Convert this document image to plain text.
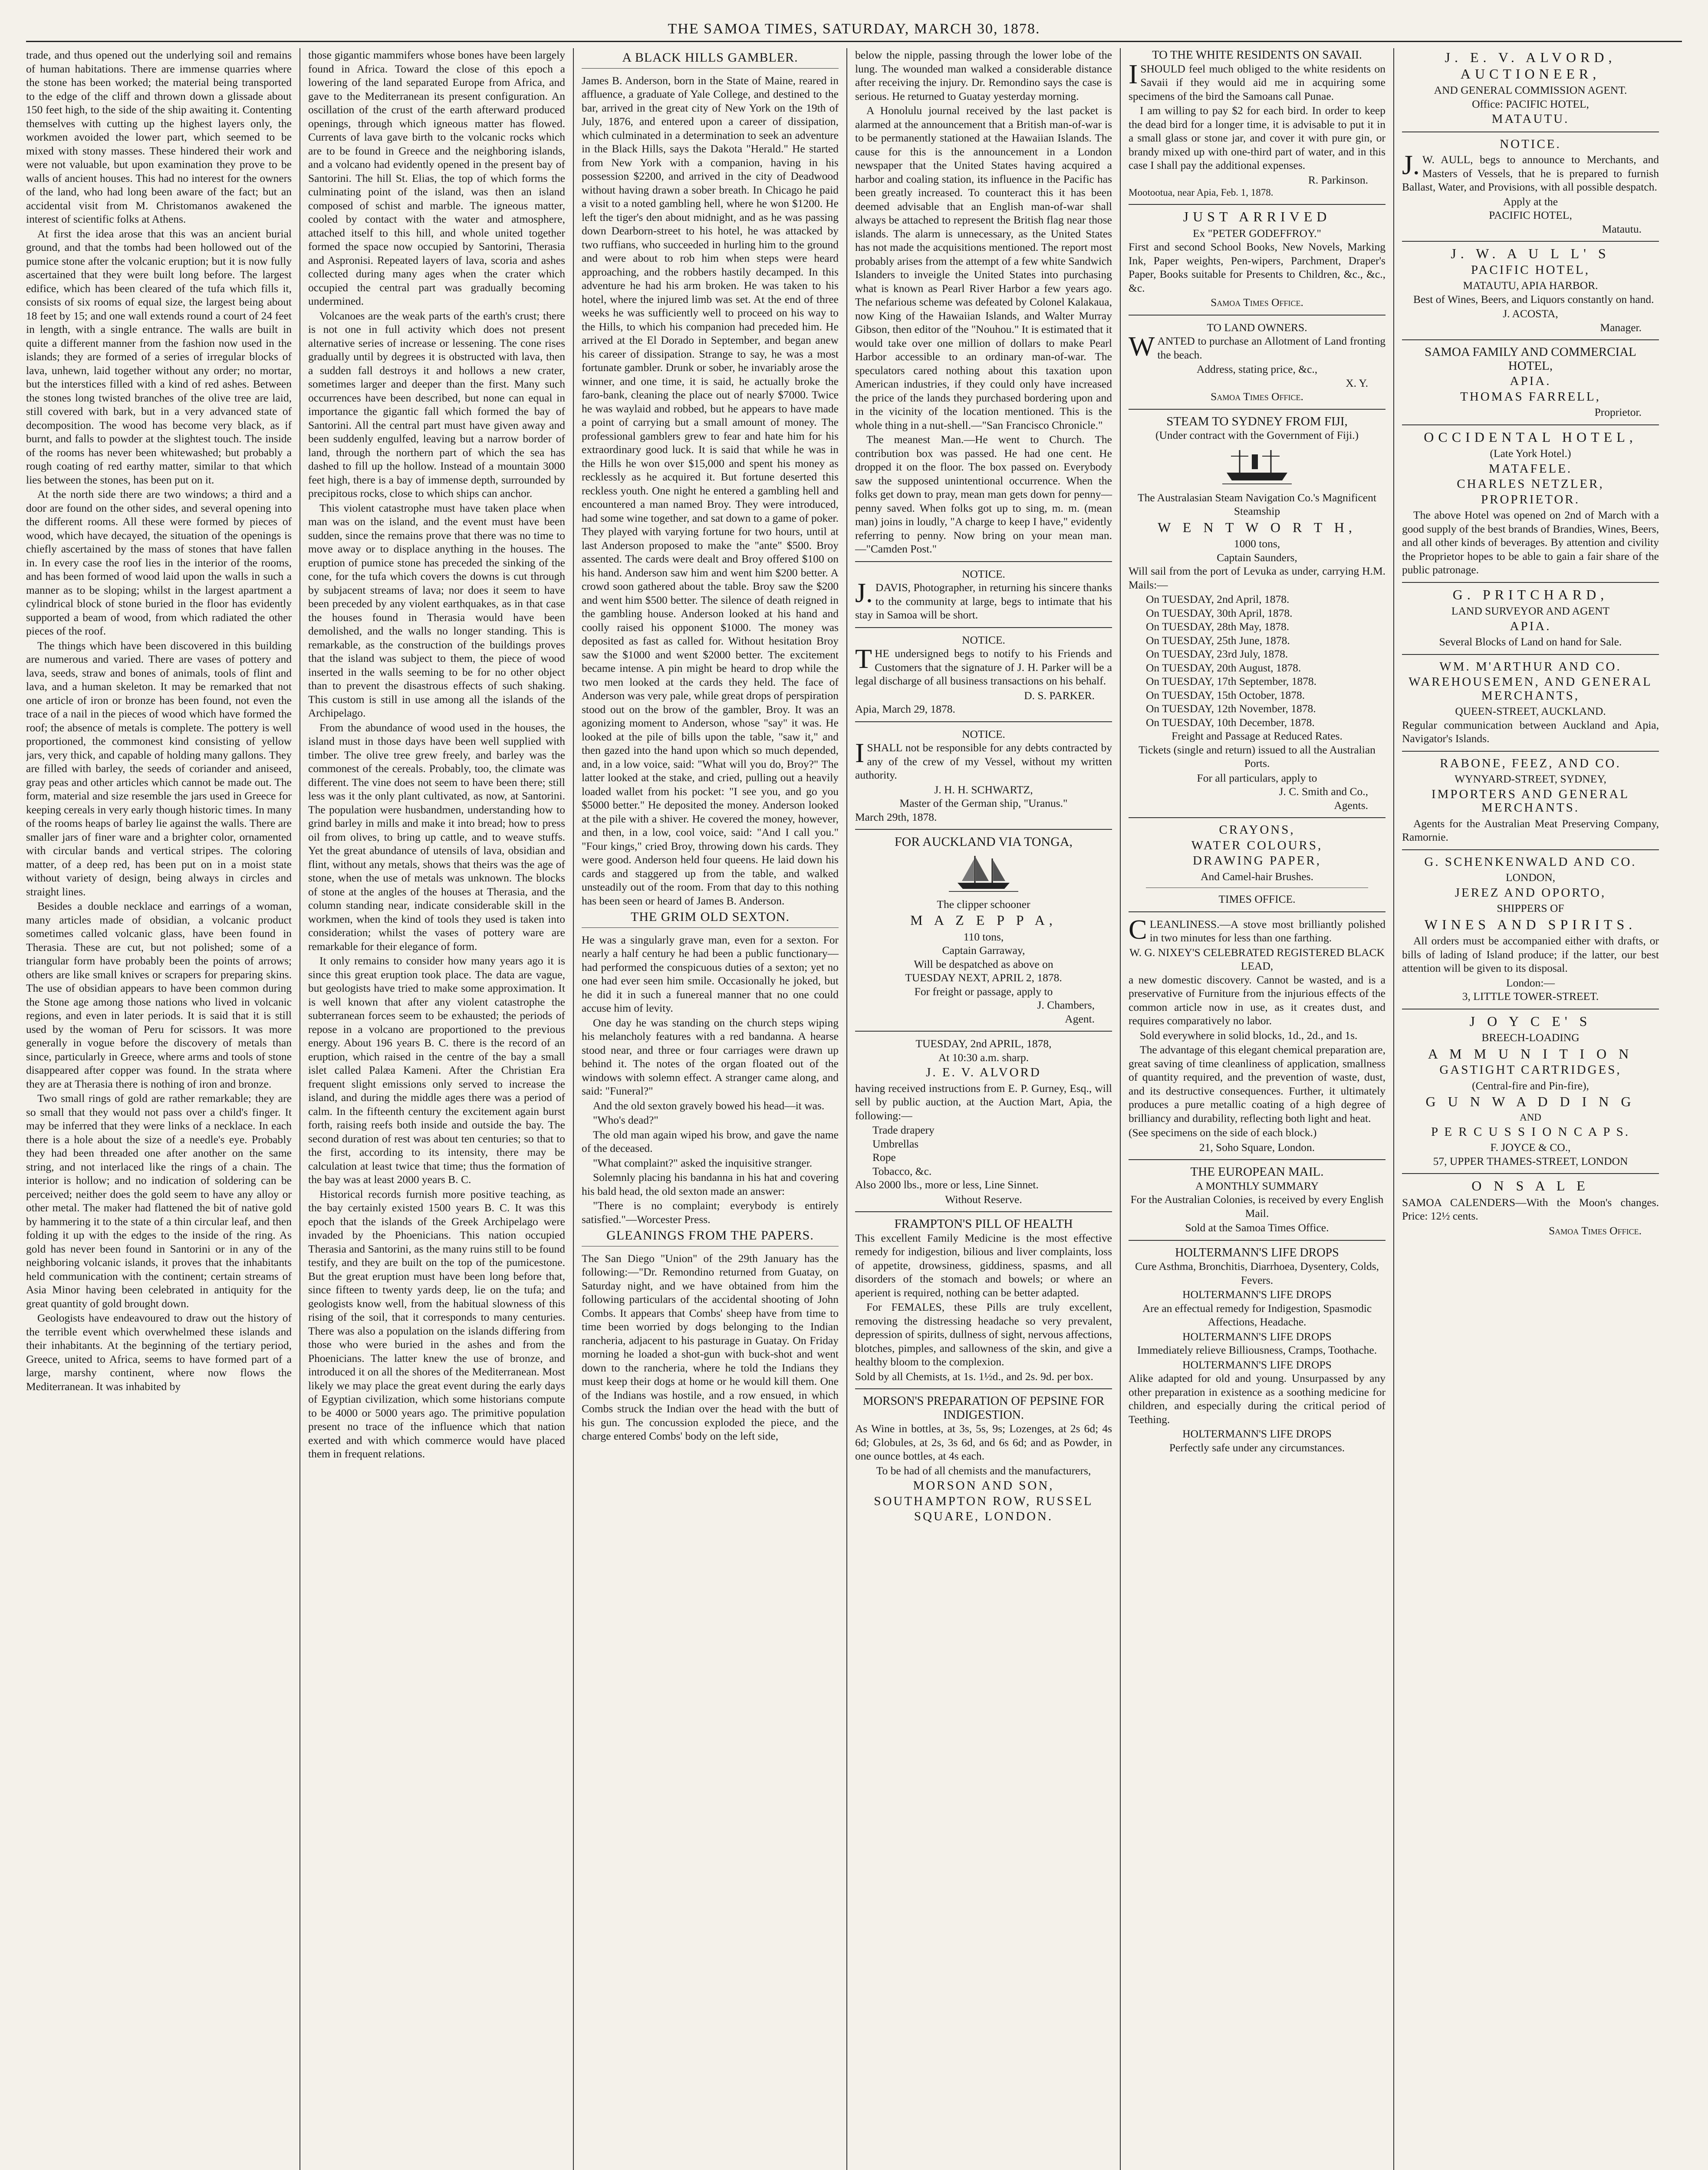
THE SAMOA TIMES, SATURDAY, MARCH 30, 1878.

trade, and thus opened out the underlying soil and remains of human habitations. There are immense quarries where the stone has been worked; the material being transported to the edge of the cliff and thrown down a glissade about 150 feet high, to the side of the ship awaiting it. Contenting themselves with cutting up the highest layers only, the workmen avoided the lower part, which seemed to be mixed with stony masses. These hindered their work and were not valuable, but upon examination they prove to be walls of ancient houses. This had no interest for the owners of the land, who had long been aware of the fact; but an accidental visit from M. Christomanos awakened the interest of scientific folks at Athens.

At first the idea arose that this was an ancient burial ground, and that the tombs had been hollowed out of the pumice stone after the volcanic eruption; but it is now fully ascertained that they were built long before. The largest edifice, which has been cleared of the tufa which fills it, consists of six rooms of equal size, the largest being about 18 feet by 15; and one wall extends round a court of 24 feet in length, with a single entrance. The walls are built in quite a different manner from the fashion now used in the islands; they are formed of a series of irregular blocks of lava, unhewn, laid together without any order; no mortar, but the interstices filled with a kind of red ashes. Between the stones long twisted branches of the olive tree are laid, still covered with bark, but in a very advanced state of decomposition. The wood has become very black, as if burnt, and falls to powder at the slightest touch. The inside of the rooms has never been whitewashed; but probably a rough coating of red earthy matter, similar to that which lies between the stones, has been put on it.

At the north side there are two windows; a third and a door are found on the other sides, and several opening into the different rooms. All these were formed by pieces of wood, which have decayed, the situation of the openings is chiefly ascertained by the mass of stones that have fallen in. In every case the roof lies in the interior of the rooms, and has been formed of wood laid upon the walls in such a manner as to be sloping; whilst in the largest apartment a cylindrical block of stone buried in the floor has evidently supported a beam of wood, from which radiated the other pieces of the roof.

The things which have been discovered in this building are numerous and varied. There are vases of pottery and lava, seeds, straw and bones of animals, tools of flint and lava, and a human skeleton. It may be remarked that not one article of iron or bronze has been found, not even the trace of a nail in the pieces of wood which have formed the roof; the absence of metals is complete. The pottery is well proportioned, the commonest kind consisting of yellow jars, very thick, and capable of holding many gallons. They are filled with barley, the seeds of coriander and aniseed, gray peas and other articles which cannot be made out. The form, material and size resemble the jars used in Greece for keeping cereals in very early though historic times. In many of the rooms heaps of barley lie against the walls. There are smaller jars of finer ware and a brighter color, ornamented with circular bands and vertical stripes. The coloring matter, of a deep red, has been put on in a moist state without variety of design, being always in circles and straight lines.

Besides a double necklace and earrings of a woman, many articles made of obsidian, a volcanic product sometimes called volcanic glass, have been found in Therasia. These are cut, but not polished; some of a triangular form have probably been the points of arrows; others are like small knives or scrapers for preparing skins. The use of obsidian appears to have been common during the Stone age among those nations who lived in volcanic regions, and even in later periods. It is said that it is still used by the woman of Peru for scissors. It was more generally in vogue before the discovery of metals than since, particularly in Greece, where arms and tools of stone disappeared after copper was found. In the strata where they are at Therasia there is nothing of iron and bronze.

Two small rings of gold are rather remarkable; they are so small that they would not pass over a child's finger. It may be inferred that they were links of a necklace. In each there is a hole about the size of a needle's eye. Probably they had been threaded one after another on the same string, and not interlaced like the rings of a chain. The interior is hollow; and no indication of soldering can be perceived; neither does the gold seem to have any alloy or other metal. The maker had flattened the bit of native gold by hammering it to the state of a thin circular leaf, and then folding it up with the edges to the inside of the ring. As gold has never been found in Santorini or in any of the neighboring volcanic islands, it proves that the inhabitants held communication with the continent; certain streams of Asia Minor having been celebrated in antiquity for the great quantity of gold brought down.

Geologists have endeavoured to draw out the history of the terrible event which overwhelmed these islands and their inhabitants. At the beginning of the tertiary period, Greece, united to Africa, seems to have formed part of a large, marshy continent, where now flows the Mediterranean. It was inhabited by

those gigantic mammifers whose bones have been largely found in Africa. Toward the close of this epoch a lowering of the land separated Europe from Africa, and gave to the Mediterranean its present configuration. An oscillation of the crust of the earth afterward produced openings, through which igneous matter has flowed. Currents of lava gave birth to the volcanic rocks which are to be found in Greece and the neighboring islands, and a volcano had evidently opened in the present bay of Santorini. The hill St. Elias, the top of which forms the culminating point of the island, was then an island composed of schist and marble. The igneous matter, cooled by contact with the water and atmosphere, attached itself to this hill, and whole united together formed the space now occupied by Santorini, Therasia and Aspronisi. Repeated layers of lava, scoria and ashes collected during many ages when the crater which occupied the central part was gradually becoming undermined.

Volcanoes are the weak parts of the earth's crust; there is not one in full activity which does not present alternative series of increase or lessening. The cone rises gradually until by degrees it is obstructed with lava, then a sudden fall destroys it and hollows a new crater, sometimes larger and deeper than the first. Many such occurrences have been described, but none can equal in importance the gigantic fall which formed the bay of Santorini. All the central part must have given away and been suddenly engulfed, leaving but a narrow border of land, through the northern part of which the sea has dashed to fill up the hollow. Instead of a mountain 3000 feet high, there is a bay of immense depth, surrounded by precipitous rocks, close to which ships can anchor.

This violent catastrophe must have taken place when man was on the island, and the event must have been sudden, since the remains prove that there was no time to move away or to displace anything in the houses. The eruption of pumice stone has preceded the sinking of the cone, for the tufa which covers the downs is cut through by subjacent streams of lava; nor does it seem to have been preceded by any violent earthquakes, as in that case the houses found in Therasia would have been demolished, and the walls no longer standing. This is remarkable, as the construction of the buildings proves that the island was subject to them, the piece of wood inserted in the walls seeming to be for no other object than to prevent the disastrous effects of such shaking. This custom is still in use among all the islands of the Archipelago.

From the abundance of wood used in the houses, the island must in those days have been well supplied with timber. The olive tree grew freely, and barley was the commonest of the cereals. Probably, too, the climate was different. The vine does not seem to have been there; still less was it the only plant cultivated, as now, at Santorini. The population were husbandmen, understanding how to grind barley in mills and make it into bread; how to press oil from olives, to bring up cattle, and to weave stuffs. Yet the great abundance of utensils of lava, obsidian and flint, without any metals, shows that theirs was the age of stone, when the use of metals was unknown. The blocks of stone at the angles of the houses at Therasia, and the column standing near, indicate considerable skill in the workmen, when the kind of tools they used is taken into consideration; whilst the vases of pottery ware are remarkable for their elegance of form.

It only remains to consider how many years ago it is since this great eruption took place. The data are vague, but geologists have tried to make some approximation. It is well known that after any violent catastrophe the subterranean forces seem to be exhausted; the periods of repose in a volcano are proportioned to the previous energy. About 196 years B. C. there is the record of an eruption, which raised in the centre of the bay a small islet called Palæa Kameni. After the Christian Era frequent slight emissions only served to increase the island, and during the middle ages there was a period of calm. In the fifteenth century the excitement again burst forth, raising reefs both inside and outside the bay. The second duration of rest was about ten centuries; so that to the first, according to its intensity, there may be calculation at least twice that time; thus the formation of the bay was at least 2000 years B. C.

Historical records furnish more positive teaching, as the bay certainly existed 1500 years B. C. It was this epoch that the islands of the Greek Archipelago were invaded by the Phoenicians. This nation occupied Therasia and Santorini, as the many ruins still to be found testify, and they are built on the top of the pumicestone. But the great eruption must have been long before that, since fifteen to twenty yards deep, lie on the tufa; and geologists know well, from the habitual slowness of this rising of the soil, that it corresponds to many centuries. There was also a population on the islands differing from those who were buried in the ashes and from the Phoenicians. The latter knew the use of bronze, and introduced it on all the shores of the Mediterranean. Most likely we may place the great event during the early days of Egyptian civilization, which some historians compute to be 4000 or 5000 years ago. The primitive population present no trace of the influence which that nation exerted and with which commerce would have placed them in frequent relations.

A BLACK HILLS GAMBLER.

James B. Anderson, born in the State of Maine, reared in affluence, a graduate of Yale College, and destined to the bar, arrived in the great city of New York on the 19th of July, 1876, and entered upon a career of dissipation, which culminated in a determination to seek an adventure in the Black Hills, says the Dakota "Herald." He started from New York with a companion, having in his possession $2200, and arrived in the city of Deadwood without having drawn a sober breath. In Chicago he paid a visit to a noted gambling hell, where he won $1200. He left the tiger's den about midnight, and as he was passing down Dearborn-street to his hotel, he was attacked by two ruffians, who succeeded in hurling him to the ground and were about to rob him when steps were heard approaching, and the robbers hastily decamped. In this adventure he had his arm broken. He was taken to his hotel, where the injured limb was set. At the end of three weeks he was sufficiently well to proceed on his way to the Hills, to which his companion had preceded him. He arrived at the El Dorado in September, and began anew his career of dissipation. Strange to say, he was a most fortunate gambler. Drunk or sober, he invariably arose the winner, and one time, it is said, he actually broke the faro-bank, cleaning the place out of nearly $7000. Twice he was waylaid and robbed, but he appears to have made a point of carrying but a small amount of money. The professional gamblers grew to fear and hate him for his extraordinary good luck. It is said that while he was in the Hills he won over $15,000 and spent his money as recklessly as he acquired it. But fortune deserted this reckless youth. One night he entered a gambling hell and encountered a man named Broy. They were introduced, had some wine together, and sat down to a game of poker. They played with varying fortune for two hours, until at last Anderson proposed to make the "ante" $500. Broy assented. The cards were dealt and Broy offered $100 on his hand. Anderson saw him and went him $200 better. A crowd soon gathered about the table. Broy saw the $200 and went him $500 better. The silence of death reigned in the gambling house. Anderson looked at his hand and coolly raised his opponent $1000. The money was deposited as fast as called for. Without hesitation Broy saw the $1000 and went $2000 better. The excitement became intense. A pin might be heard to drop while the two men looked at the cards they held. The face of Anderson was very pale, while great drops of perspiration stood out on the brow of the gambler, Broy. It was an agonizing moment to Anderson, whose "say" it was. He looked at the pile of bills upon the table, "saw it," and then gazed into the hand upon which so much depended, and, in a low voice, said: "What will you do, Broy?" The latter looked at the stake, and cried, pulling out a heavily loaded wallet from his pocket: "I see you, and go you $5000 better." He deposited the money. Anderson looked at the pile with a shiver. He covered the money, however, and then, in a low, cool voice, said: "And I call you." "Four kings," cried Broy, throwing down his cards. They were good. Anderson held four queens. He laid down his cards and staggered up from the table, and walked unsteadily out of the room. From that day to this nothing has been seen or heard of James B. Anderson.

THE GRIM OLD SEXTON.

He was a singularly grave man, even for a sexton. For nearly a half century he had been a public functionary—had performed the conspicuous duties of a sexton; yet no one had ever seen him smile. Occasionally he joked, but he did it in such a funereal manner that no one could accuse him of levity.

One day he was standing on the church steps wiping his melancholy features with a red bandanna. A hearse stood near, and three or four carriages were drawn up behind it. The notes of the organ floated out of the windows with solemn effect. A stranger came along, and said: "Funeral?"

And the old sexton gravely bowed his head—it was.

"Who's dead?"

The old man again wiped his brow, and gave the name of the deceased.

"What complaint?" asked the inquisitive stranger.

Solemnly placing his bandanna in his hat and covering his bald head, the old sexton made an answer:

"There is no complaint; everybody is entirely satisfied."—Worcester Press.

GLEANINGS FROM THE PAPERS.

The San Diego "Union" of the 29th January has the following:—"Dr. Remondino returned from Guatay, on Saturday night, and we have obtained from him the following particulars of the accidental shooting of John Combs. It appears that Combs' sheep have from time to time been worried by dogs belonging to the Indian rancheria, adjacent to his pasturage in Guatay. On Friday morning he loaded a shot-gun with buck-shot and went down to the rancheria, where he told the Indians they must keep their dogs at home or he would kill them. One of the Indians was hostile, and a row ensued, in which Combs struck the Indian over the head with the butt of his gun. The concussion exploded the piece, and the charge entered Combs' body on the left side,

below the nipple, passing through the lower lobe of the lung. The wounded man walked a considerable distance after receiving the injury. Dr. Remondino says the case is serious. He returned to Guatay yesterday morning.

A Honolulu journal received by the last packet is alarmed at the announcement that a British man-of-war is to be permanently stationed at the Hawaiian Islands. The cause for this is the announcement in a London newspaper that the United States having acquired a harbor and coaling station, its influence in the Pacific has been greatly increased. To counteract this it has been deemed advisable that an English man-of-war shall always be attached to represent the British flag near those islands. The alarm is unnecessary, as the United States has not made the acquisitions mentioned. The report most probably arises from the attempt of a few white Sandwich Islanders to inveigle the United States into purchasing what is known as Pearl River Harbor a few years ago. The nefarious scheme was defeated by Colonel Kalakaua, now King of the Hawaiian Islands, and Walter Murray Gibson, then editor of the "Nouhou." It is estimated that it would take over one million of dollars to make Pearl Harbor accessible to an ordinary man-of-war. The speculators cared nothing about this taxation upon American industries, if they could only have increased the price of the lands they purchased bordering upon and in the vicinity of the location mentioned. This is the whole thing in a nut-shell.—"San Francisco Chronicle."

The meanest Man.—He went to Church. The contribution box was passed. He had one cent. He dropped it on the floor. The box passed on. Everybody saw the supposed unintentional occurrence. When the folks get down to pray, mean man gets down for penny—penny saved. When folks got up to sing, m. m. (mean man) joins in loudly, "A charge to keep I have," evidently referring to penny. Now bring on your mean man.—"Camden Post."

NOTICE.

J.DAVIS, Photographer, in returning his sincere thanks to the community at large, begs to intimate that his stay in Samoa will be short.

NOTICE.

THE undersigned begs to notify to his Friends and Customers that the signature of J. H. Parker will be a legal discharge of all business transactions on his behalf.

D. S. PARKER.
Apia, March 29, 1878.
NOTICE.

ISHALL not be responsible for any debts contracted by any of the crew of my Vessel, without my written authority.

J. H. H. SCHWARTZ,
Master of the German ship, "Uranus."
March 29th, 1878.
FOR AUCKLAND VIA TONGA,
The clipper schooner
M A Z E P P A,
110 tons,
Captain Garraway,
Will be despatched as above on
TUESDAY NEXT, APRIL 2, 1878.
For freight or passage, apply to
J. Chambers,
Agent.
TUESDAY, 2nd APRIL, 1878,
At 10:30 a.m. sharp.
J. E. V. ALVORD

having received instructions from E. P. Gurney, Esq., will sell by public auction, at the Auction Mart, Apia, the following:—

Trade drapery
Umbrellas
Rope
Tobacco, &c.

Also 2000 lbs., more or less, Line Sinnet.

Without Reserve.
FRAMPTON'S PILL OF HEALTH

This excellent Family Medicine is the most effective remedy for indigestion, bilious and liver complaints, loss of appetite, drowsiness, giddiness, spasms, and all disorders of the stomach and bowels; or where an aperient is required, nothing can be better adapted.

For FEMALES, these Pills are truly excellent, removing the distressing headache so very prevalent, depression of spirits, dullness of sight, nervous affections, blotches, pimples, and sallowness of the skin, and give a healthy bloom to the complexion.

Sold by all Chemists, at 1s. 1½d., and 2s. 9d. per box.

MORSON'S PREPARATION OF PEPSINE FOR INDIGESTION.

As Wine in bottles, at 3s, 5s, 9s; Lozenges, at 2s 6d; 4s 6d; Globules, at 2s, 3s 6d, and 6s 6d; and as Powder, in one ounce bottles, at 4s each.

To be had of all chemists and the manufacturers,

MORSON AND SON,
SOUTHAMPTON ROW, RUSSEL
SQUARE, LONDON.
TO THE WHITE RESIDENTS ON SAVAII.

ISHOULD feel much obliged to the white residents on Savaii if they would aid me in acquiring some specimens of the bird the Samoans call Punae.

I am willing to pay $2 for each bird. In order to keep the dead bird for a longer time, it is advisable to put it in a small glass or stone jar, and cover it with pure gin, or brandy mixed up with one-third part of water, and in this case I shall pay the additional expenses.

R. Parkinson.
Mootootua, near Apia, Feb. 1, 1878.
JUST ARRIVED
Ex "PETER GODEFFROY."

First and second School Books, New Novels, Marking Ink, Paper weights, Pen-wipers, Parchment, Draper's Paper, Books suitable for Presents to Children, &c., &c., &c.

Samoa Times Office.
TO LAND OWNERS.

WANTED to purchase an Allotment of Land fronting the beach.

Address, stating price, &c.,
X. Y.
Samoa Times Office.
STEAM TO SYDNEY FROM FIJI,
(Under contract with the Government of Fiji.)

The Australasian Steam Navigation Co.'s Magnificent Steamship

W E N T W O R T H,
1000 tons,
Captain Saunders,

Will sail from the port of Levuka as under, carrying H.M. Mails:—

On TUESDAY, 2nd April, 1878.
On TUESDAY, 30th April, 1878.
On TUESDAY, 28th May, 1878.
On TUESDAY, 25th June, 1878.
On TUESDAY, 23rd July, 1878.
On TUESDAY, 20th August, 1878.
On TUESDAY, 17th September, 1878.
On TUESDAY, 15th October, 1878.
On TUESDAY, 12th November, 1878.
On TUESDAY, 10th December, 1878.
Freight and Passage at Reduced Rates.

Tickets (single and return) issued to all the Australian Ports.

For all particulars, apply to
J. C. Smith and Co.,
Agents.
CRAYONS,
WATER COLOURS,
DRAWING PAPER,
And Camel-hair Brushes.
TIMES OFFICE.

CLEANLINESS.—A stove most brilliantly polished in two minutes for less than one farthing.

W. G. NIXEY'S CELEBRATED REGISTERED BLACK LEAD,

a new domestic discovery. Cannot be wasted, and is a preservative of Furniture from the injurious effects of the common article now in use, as it creates dust, and requires comparatively no labor.

Sold everywhere in solid blocks, 1d., 2d., and 1s.

The advantage of this elegant chemical preparation are, great saving of time cleanliness of application, smallness of quantity required, and the prevention of waste, dust, and its destructive consequences. Further, it ultimately produces a pure metallic coating of a high degree of brilliancy and durability, reflecting both light and heat.

(See specimens on the side of each block.)

21, Soho Square, London.
THE EUROPEAN MAIL.
A MONTHLY SUMMARY

For the Australian Colonies, is received by every English Mail.

Sold at the Samoa Times Office.
HOLTERMANN'S LIFE DROPS

Cure Asthma, Bronchitis, Diarrhoea, Dysentery, Colds, Fevers.

HOLTERMANN'S LIFE DROPS

Are an effectual remedy for Indigestion, Spasmodic Affections, Headache.

HOLTERMANN'S LIFE DROPS

Immediately relieve Billiousness, Cramps, Toothache.

HOLTERMANN'S LIFE DROPS

Alike adapted for old and young. Unsurpassed by any other preparation in existence as a soothing medicine for children, and especially during the critical period of Teething.

HOLTERMANN'S LIFE DROPS

Perfectly safe under any circumstances.

J. E. V. ALVORD,
AUCTIONEER,
AND GENERAL COMMISSION AGENT.
Office: PACIFIC HOTEL,
MATAUTU.
NOTICE.

J.W. AULL, begs to announce to Merchants, and Masters of Vessels, that he is prepared to furnish Ballast, Water, and Provisions, with all possible despatch.

Apply at the
PACIFIC HOTEL,
Matautu.
J. W. A U L L' S
PACIFIC HOTEL,
MATAUTU, APIA HARBOR.

Best of Wines, Beers, and Liquors constantly on hand.

J. ACOSTA,
Manager.
SAMOA FAMILY AND COMMERCIAL HOTEL,
APIA.
THOMAS FARRELL,
Proprietor.
OCCIDENTAL HOTEL,
(Late York Hotel.)
MATAFELE.
CHARLES NETZLER,
PROPRIETOR.

The above Hotel was opened on 2nd of March with a good supply of the best brands of Brandies, Wines, Beers, and all other kinds of beverages. By attention and civility the Proprietor hopes to be able to gain a fair share of the public patronage.

G. PRITCHARD,
LAND SURVEYOR AND AGENT
APIA.
Several Blocks of Land on hand for Sale.
WM. M'ARTHUR AND CO.
WAREHOUSEMEN, AND GENERAL MERCHANTS,
QUEEN-STREET, AUCKLAND.

Regular communication between Auckland and Apia, Navigator's Islands.

RABONE, FEEZ, AND CO.
WYNYARD-STREET, SYDNEY,
IMPORTERS AND GENERAL MERCHANTS.

Agents for the Australian Meat Preserving Company, Ramornie.

G. SCHENKENWALD AND CO.
LONDON,
JEREZ AND OPORTO,
SHIPPERS OF
WINES AND SPIRITS.

All orders must be accompanied either with drafts, or bills of lading of Island produce; if the latter, our best attention will be given to its disposal.

London:—
3, LITTLE TOWER-STREET.
J O Y C E' S
BREECH-LOADING
A M M U N I T I O N
GASTIGHT CARTRIDGES,
(Central-fire and Pin-fire),
G U N W A D D I N G
AND
P E R C U S S I O N C A P S.
F. JOYCE & CO.,
57, UPPER THAMES-STREET, LONDON
O N S A L E

SAMOA CALENDERS—With the Moon's changes. Price: 12½ cents.

Samoa Times Office.
